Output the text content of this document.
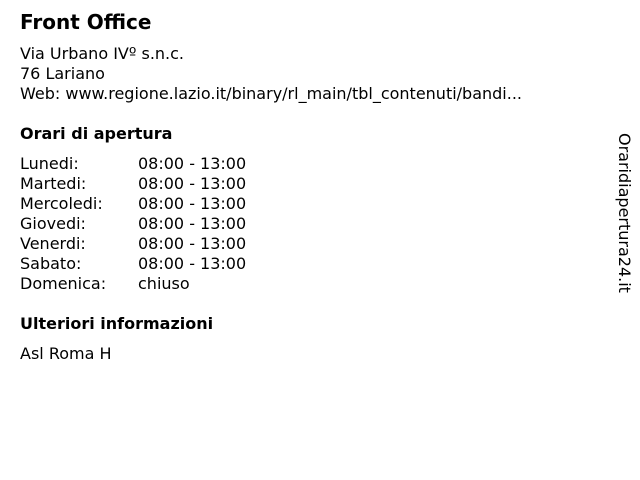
Front Office
Via Urbano IVº s.n.c.
76 Lariano
Web: www.regione.lazio.it/binary/rl_main/tbl_contenuti/bandi...
Orari di apertura
Lunedi:	08:00 - 13:00
Martedi:	08:00 - 13:00
Mercoledi:	08:00 - 13:00
Giovedi:	08:00 - 13:00
Venerdi:	08:00 - 13:00
Sabato:	08:00 - 13:00
Domenica:	chiuso
Ulteriori informazioni
Asl Roma H
Oraridiapertura24.it
